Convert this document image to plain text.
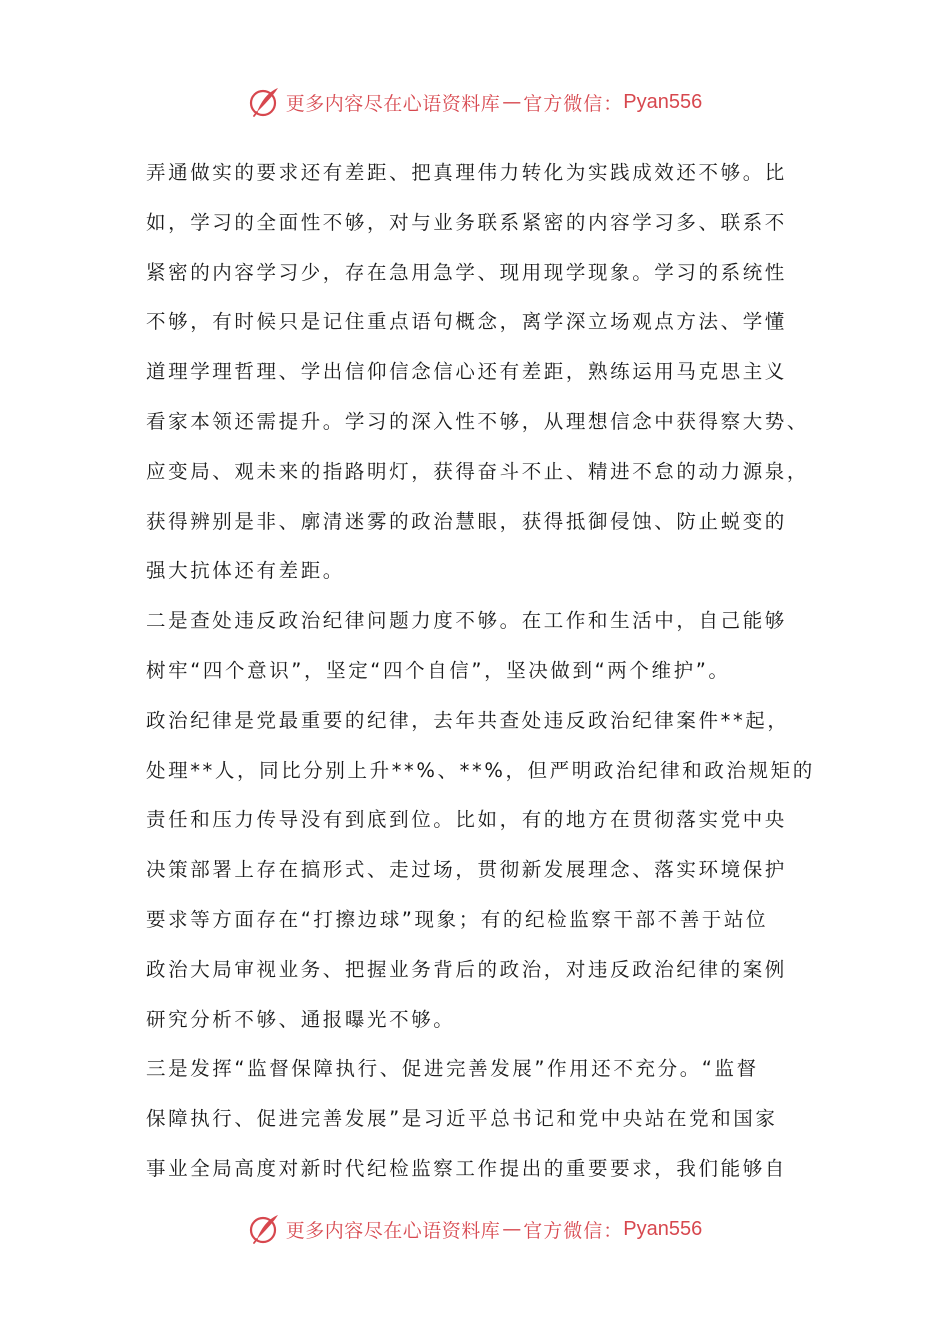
更多内容尽在心语资料库 — 官方微信： Pyan556
弄通做实的要求还有差距、把真理伟力转化为实践成效还不够。比
如，学习的全面性不够，对与业务联系紧密的内容学习多、联系不
紧密的内容学习少，存在急用急学、现用现学现象。学习的系统性
不够，有时候只是记住重点语句概念，离学深立场观点方法、学懂
道理学理哲理、学出信仰信念信心还有差距，熟练运用马克思主义
看家本领还需提升。学习的深入性不够，从理想信念中获得察大势、
应变局、观未来的指路明灯，获得奋斗不止、精进不怠的动力源泉，
获得辨别是非、廓清迷雾的政治慧眼，获得抵御侵蚀、防止蜕变的
强大抗体还有差距。
二是查处违反政治纪律问题力度不够。在工作和生活中，自己能够
树牢“四个意识”，坚定“四个自信”，坚决做到“两个维护”。
政治纪律是党最重要的纪律，去年共查处违反政治纪律案件**起，
处理**人，同比分别上升**%、**%，但严明政治纪律和政治规矩的
责任和压力传导没有到底到位。比如，有的地方在贯彻落实党中央
决策部署上存在搞形式、走过场，贯彻新发展理念、落实环境保护
要求等方面存在“打擦边球”现象；有的纪检监察干部不善于站位
政治大局审视业务、把握业务背后的政治，对违反政治纪律的案例
研究分析不够、通报曝光不够。
三是发挥“监督保障执行、促进完善发展”作用还不充分。“监督
保障执行、促进完善发展”是习近平总书记和党中央站在党和国家
事业全局高度对新时代纪检监察工作提出的重要要求，我们能够自
更多内容尽在心语资料库 — 官方微信： Pyan556
